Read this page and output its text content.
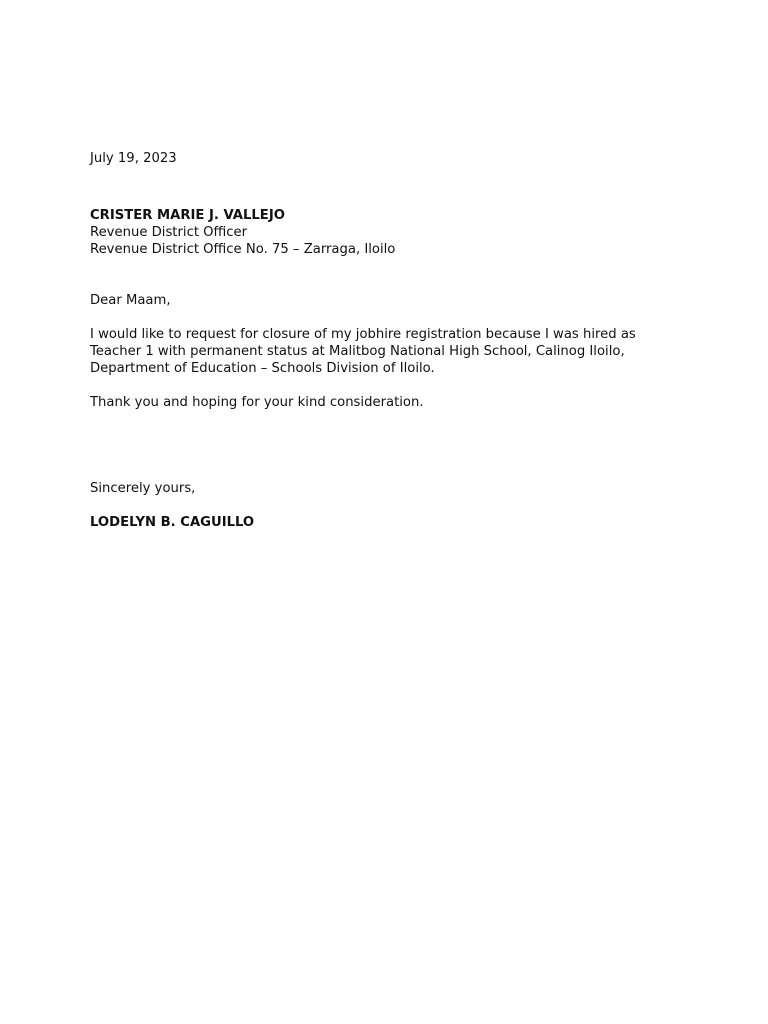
July 19, 2023
CRISTER MARIE J. VALLEJO
Revenue District Officer
Revenue District Office No. 75 – Zarraga, Iloilo
Dear Maam,
I would like to request for closure of my jobhire registration because I was hired as Teacher 1 with permanent status at Malitbog National High School, Calinog Iloilo, Department of Education – Schools Division of Iloilo.
Thank you and hoping for your kind consideration.
Sincerely yours,
LODELYN B. CAGUILLO
